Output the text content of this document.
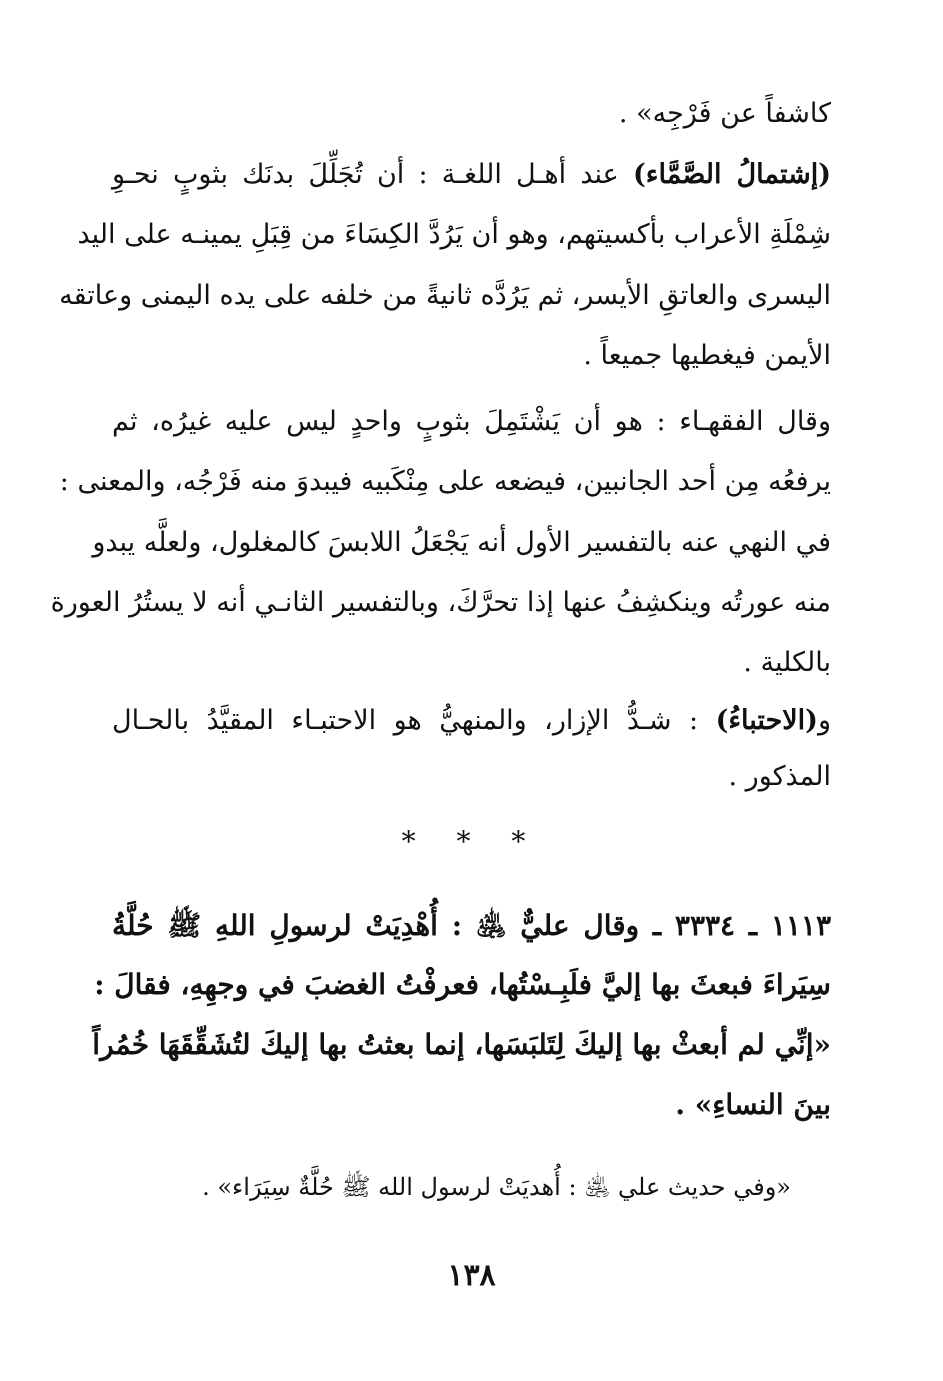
كاشفاً عن فَرْجِه» .
(إشتمالُ الصَّمَّاء) عند أهـل اللغـة : أن تُجَلِّلَ بدنَك بثوبٍ نحـوِ
شِمْلَةِ الأعراب بأكسيتهم، وهو أن يَرُدَّ الكِسَاءَ من قِبَلِ يمينـه على اليد
اليسرى والعاتقِ الأيسر، ثم يَرُدَّه ثانيةً من خلفه على يده اليمنى وعاتقه
الأيمن فيغطيها جميعاً .
وقال الفقهـاء : هو أن يَشْتَمِلَ بثوبٍ واحدٍ ليس عليه غيرُه، ثم
يرفعُه مِن أحد الجانبين، فيضعه على مِنْكَبيه فيبدوَ منه فَرْجُه، والمعنى :
في النهي عنه بالتفسير الأول أنه يَجْعَلُ اللابسَ كالمغلول، ولعلَّه يبدو
منه عورتُه وينكشِفُ عنها إذا تحرَّكَ، وبالتفسير الثانـي أنه لا يستُرُ العورة
بالكلية .
و(الاحتباءُ) : شـدُّ الإزار، والمنهيُّ هو الاحتبـاء المقيَّدُ بالحـال
المذكور .
* * *
١١١٣ ـ ٣٣٣٤ ـ وقال عليٌّ ﵁ : أُهْدِيَتْ لرسولِ اللهِ ﷺ حُلَّةُ
سِيَراءَ فبعثَ بها إليَّ فلَبِـسْتُها، فعرفْتُ الغضبَ في وجهِهِ، فقالَ :
«إنِّي لم أبعثْ بها إليكَ لِتَلبَسَها، إنما بعثتُ بها إليكَ لتُشَقِّقَهَا خُمُراً
بينَ النساءِ» .
«وفي حديث علي ﵁ : أُهديَتْ لرسول الله ﷺ حُلَّةٌ سِيَرَاء» .
١٣٨
